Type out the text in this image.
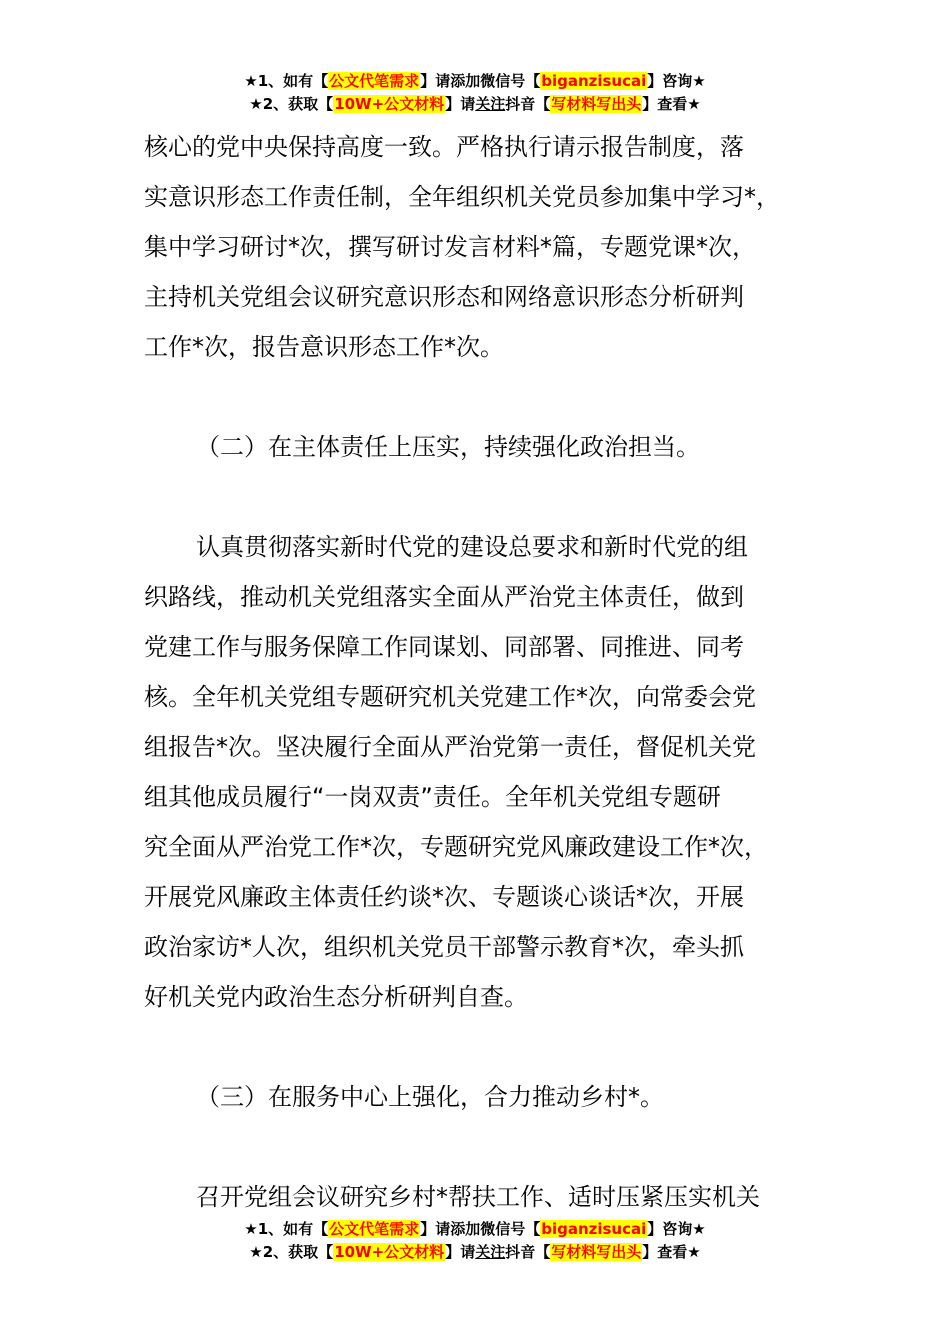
★1、如有【公文代笔需求】请添加微信号【biganzisucai】咨询★
★2、获取【10W+公文材料】请关注抖音【写材料写出头】查看★

核心的党中央保持高度一致。严格执行请示报告制度，落
实意识形态工作责任制，全年组织机关党员参加集中学习*，
集中学习研讨*次，撰写研讨发言材料*篇，专题党课*次，
主持机关党组会议研究意识形态和网络意识形态分析研判
工作*次，报告意识形态工作*次。

（二）在主体责任上压实，持续强化政治担当。

认真贯彻落实新时代党的建设总要求和新时代党的组
织路线，推动机关党组落实全面从严治党主体责任，做到
党建工作与服务保障工作同谋划、同部署、同推进、同考
核。全年机关党组专题研究机关党建工作*次，向常委会党
组报告*次。坚决履行全面从严治党第一责任，督促机关党
组其他成员履行“一岗双责”责任。全年机关党组专题研
究全面从严治党工作*次，专题研究党风廉政建设工作*次，
开展党风廉政主体责任约谈*次、专题谈心谈话*次，开展
政治家访*人次，组织机关党员干部警示教育*次，牵头抓
好机关党内政治生态分析研判自查。

（三）在服务中心上强化，合力推动乡村*。

召开党组会议研究乡村*帮扶工作、适时压紧压实机关

★1、如有【公文代笔需求】请添加微信号【biganzisucai】咨询★
★2、获取【10W+公文材料】请关注抖音【写材料写出头】查看★
